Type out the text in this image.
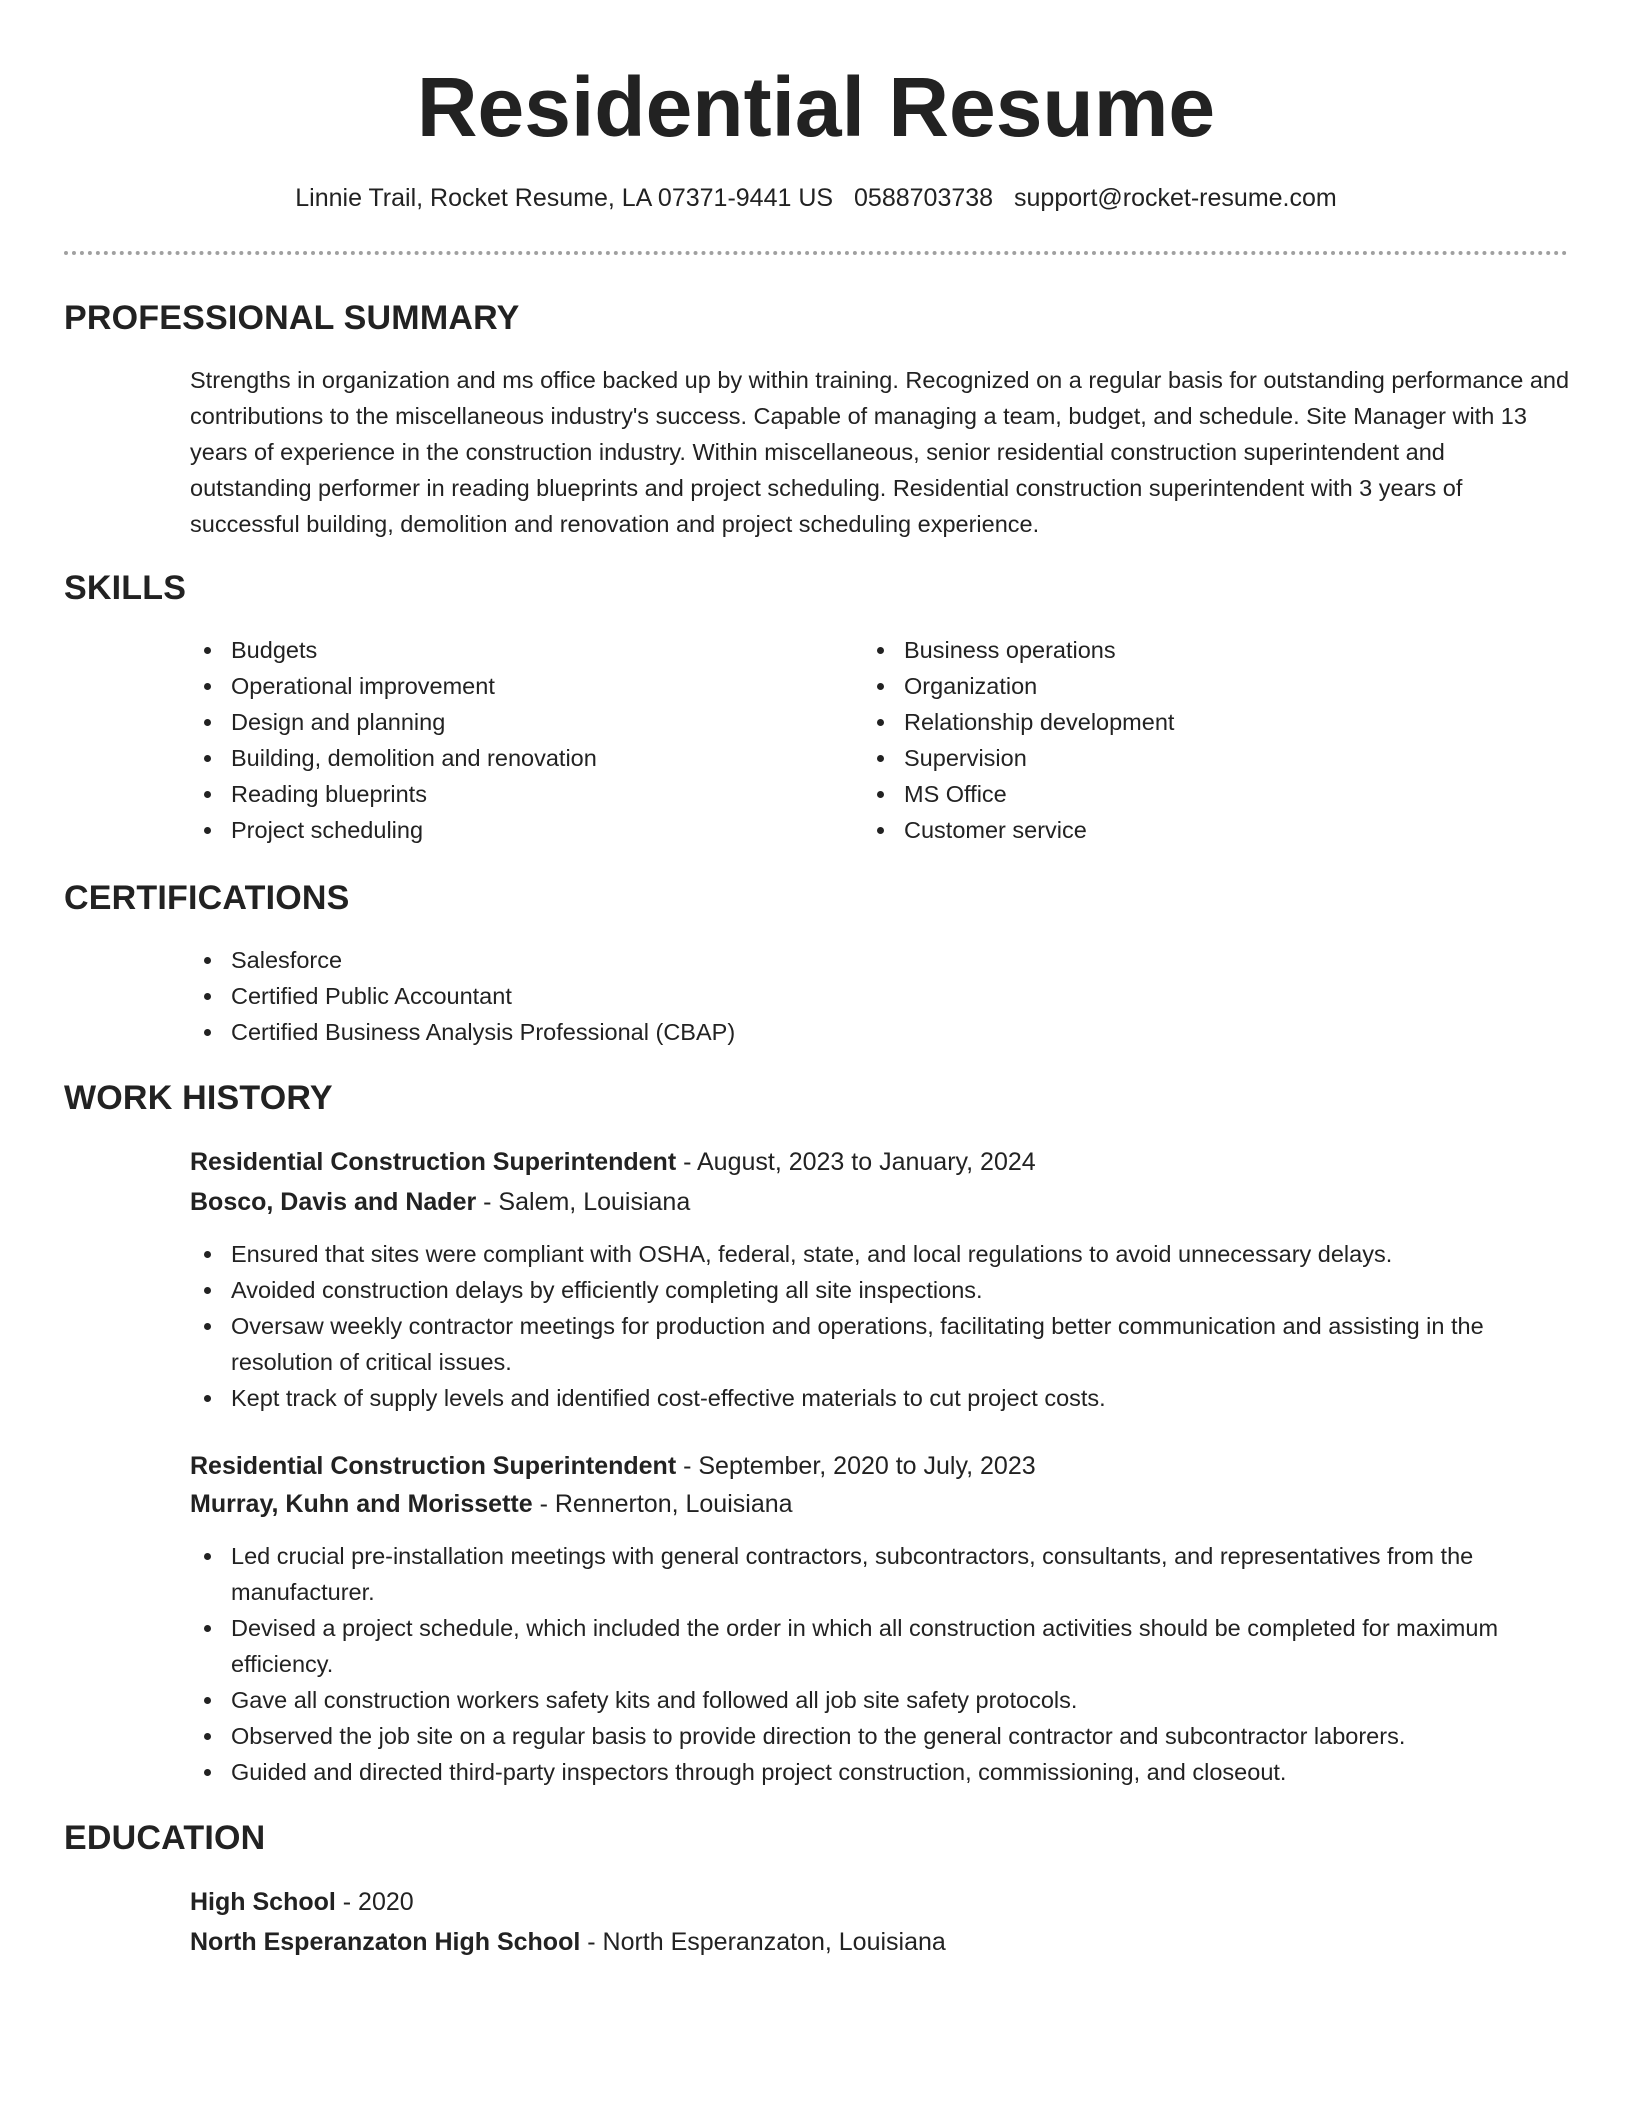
Residential Resume
Linnie Trail, Rocket Resume, LA 07371-9441 US 0588703738 support@rocket-resume.com
PROFESSIONAL SUMMARY
Strengths in organization and ms office backed up by within training. Recognized on a regular basis for outstanding performance and contributions to the miscellaneous industry's success. Capable of managing a team, budget, and schedule. Site Manager with 13 years of experience in the construction industry. Within miscellaneous, senior residential construction superintendent and outstanding performer in reading blueprints and project scheduling. Residential construction superintendent with 3 years of successful building, demolition and renovation and project scheduling experience.
SKILLS
Budgets
Operational improvement
Design and planning
Building, demolition and renovation
Reading blueprints
Project scheduling
Business operations
Organization
Relationship development
Supervision
MS Office
Customer service
CERTIFICATIONS
Salesforce
Certified Public Accountant
Certified Business Analysis Professional (CBAP)
WORK HISTORY
Residential Construction Superintendent - August, 2023 to January, 2024
Bosco, Davis and Nader - Salem, Louisiana
Ensured that sites were compliant with OSHA, federal, state, and local regulations to avoid unnecessary delays.
Avoided construction delays by efficiently completing all site inspections.
Oversaw weekly contractor meetings for production and operations, facilitating better communication and assisting in the resolution of critical issues.
Kept track of supply levels and identified cost-effective materials to cut project costs.
Residential Construction Superintendent - September, 2020 to July, 2023
Murray, Kuhn and Morissette - Rennerton, Louisiana
Led crucial pre-installation meetings with general contractors, subcontractors, consultants, and representatives from the manufacturer.
Devised a project schedule, which included the order in which all construction activities should be completed for maximum efficiency.
Gave all construction workers safety kits and followed all job site safety protocols.
Observed the job site on a regular basis to provide direction to the general contractor and subcontractor laborers.
Guided and directed third-party inspectors through project construction, commissioning, and closeout.
EDUCATION
High School - 2020
North Esperanzaton High School - North Esperanzaton, Louisiana
